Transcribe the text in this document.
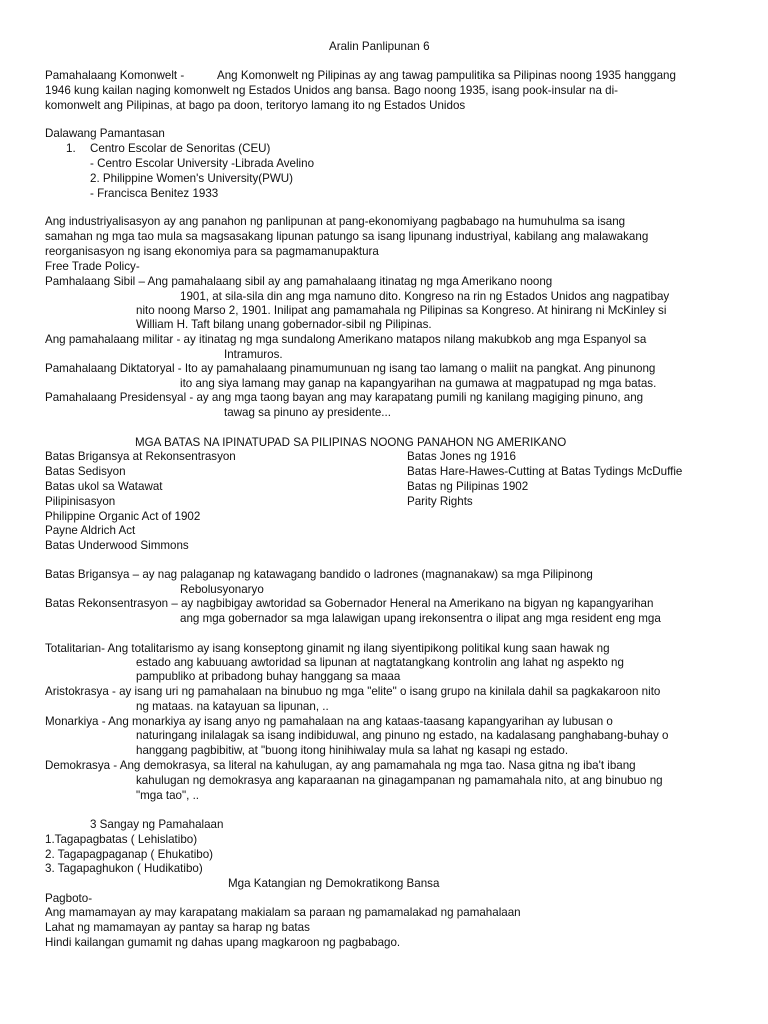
Aralin Panlipunan 6
Pamahalaang Komonwelt -	Ang Komonwelt ng Pilipinas ay ang tawag pampulitika sa Pilipinas noong 1935 hanggang
1946 kung kailan naging komonwelt ng Estados Unidos ang bansa. Bago noong 1935, isang pook-insular na di-
komonwelt ang Pilipinas, at bago pa doon, teritoryo lamang ito ng Estados Unidos
Dalawang Pamantasan
1. Centro Escolar de Senoritas (CEU)
- Centro Escolar University -Librada Avelino
2. Philippine Women's University(PWU)
- Francisca Benitez 1933
Ang industriyalisasyon ay ang panahon ng panlipunan at pang-ekonomiyang pagbabago na humuhulma sa isang
samahan ng mga tao mula sa magsasakang lipunan patungo sa isang lipunang industriyal, kabilang ang malawakang
reorganisasyon ng isang ekonomiya para sa pagmamanupaktura
Free Trade Policy-
Pamhalaang Sibil – Ang pamahalaang sibil ay ang pamahalaang itinatag ng mga Amerikano noong
1901, at sila-sila din ang mga namuno dito. Kongreso na rin ng Estados Unidos ang nagpatibay
nito noong Marso 2, 1901. Inilipat ang pamamahala ng Pilipinas sa Kongreso. At hinirang ni McKinley si
William H. Taft bilang unang gobernador-sibil ng Pilipinas.
Ang pamahalaang militar - ay itinatag ng mga sundalong Amerikano matapos nilang makubkob ang mga Espanyol sa
Intramuros.
Pamahalaang Diktatoryal - Ito ay pamahalaang pinamumunuan ng isang tao lamang o maliit na pangkat. Ang pinunong
ito ang siya lamang may ganap na kapangyarihan na gumawa at magpatupad ng mga batas.
Pamahalaang Presidensyal - ay ang mga taong bayan ang may karapatang pumili ng kanilang magiging pinuno, ang
tawag sa pinuno ay presidente...
MGA BATAS NA IPINATUPAD SA PILIPINAS NOONG PANAHON NG AMERIKANO
Batas Brigansya at Rekonsentrasyon
Batas Sedisyon
Batas ukol sa Watawat
Pilipinisasyon
Philippine Organic Act of 1902
Payne Aldrich Act
Batas Underwood Simmons
Batas Jones ng 1916
Batas Hare-Hawes-Cutting at Batas Tydings McDuffie
Batas ng Pilipinas 1902
Parity Rights
Batas Brigansya – ay nag palaganap ng katawagang bandido o ladrones (magnanakaw) sa mga Pilipinong
Rebolusyonaryo
Batas Rekonsentrasyon – ay nagbibigay awtoridad sa Gobernador Heneral na Amerikano na bigyan ng kapangyarihan
ang mga gobernador sa mga lalawigan upang irekonsentra o ilipat ang mga resident eng mga
Totalitarian- Ang totalitarismo ay isang konseptong ginamit ng ilang siyentipikong politikal kung saan hawak ng
estado ang kabuuang awtoridad sa lipunan at nagtatangkang kontrolin ang lahat ng aspekto ng
pampubliko at pribadong buhay hanggang sa maaa
Aristokrasya - ay isang uri ng pamahalaan na binubuo ng mga "elite" o isang grupo na kinilala dahil sa pagkakaroon nito
ng mataas. na katayuan sa lipunan, ..
Monarkiya - Ang monarkiya ay isang anyo ng pamahalaan na ang kataas-taasang kapangyarihan ay lubusan o
naturingang inilalagak sa isang indibiduwal, ang pinuno ng estado, na kadalasang panghabang-buhay o
hanggang pagbibitiw, at "buong itong hinihiwalay mula sa lahat ng kasapi ng estado.
Demokrasya - Ang demokrasya, sa literal na kahulugan, ay ang pamamahala ng mga tao. Nasa gitna ng iba't ibang
kahulugan ng demokrasya ang kaparaanan na ginagampanan ng pamamahala nito, at ang binubuo ng
"mga tao", ..
3 Sangay ng Pamahalaan
1.Tagapagbatas ( Lehislatibo)
2. Tagapagpaganap ( Ehukatibo)
3. Tagapaghukon ( Hudikatibo)
Mga Katangian ng Demokratikong Bansa
Pagboto-
Ang mamamayan ay may karapatang makialam sa paraan ng pamamalakad ng pamahalaan
Lahat ng mamamayan ay pantay sa harap ng batas
Hindi kailangan gumamit ng dahas upang magkaroon ng pagbabago.
